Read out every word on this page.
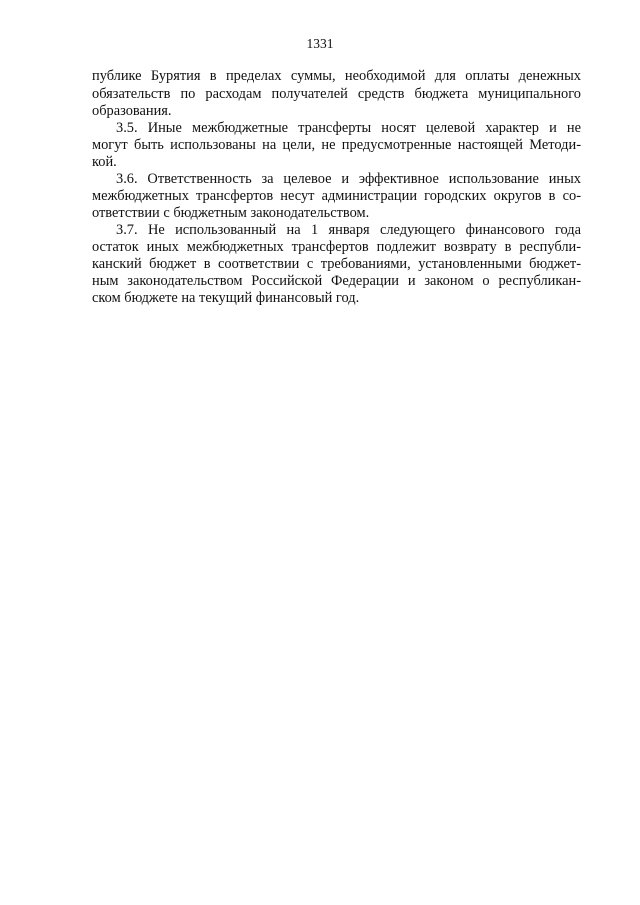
1331
публике Бурятия в пределах суммы, необходимой для оплаты денежных
обязательств по расходам получателей средств бюджета муниципального
образования.
3.5. Иные межбюджетные трансферты носят целевой характер и не
могут быть использованы на цели, не предусмотренные настоящей Методи-
кой.
3.6. Ответственность за целевое и эффективное использование иных
межбюджетных трансфертов несут администрации городских округов в со-
ответствии с бюджетным законодательством.
3.7. Не использованный на 1 января следующего финансового года
остаток иных межбюджетных трансфертов подлежит возврату в республи-
канский бюджет в соответствии с требованиями, установленными бюджет-
ным законодательством Российской Федерации и законом о республикан-
ском бюджете на текущий финансовый год.
